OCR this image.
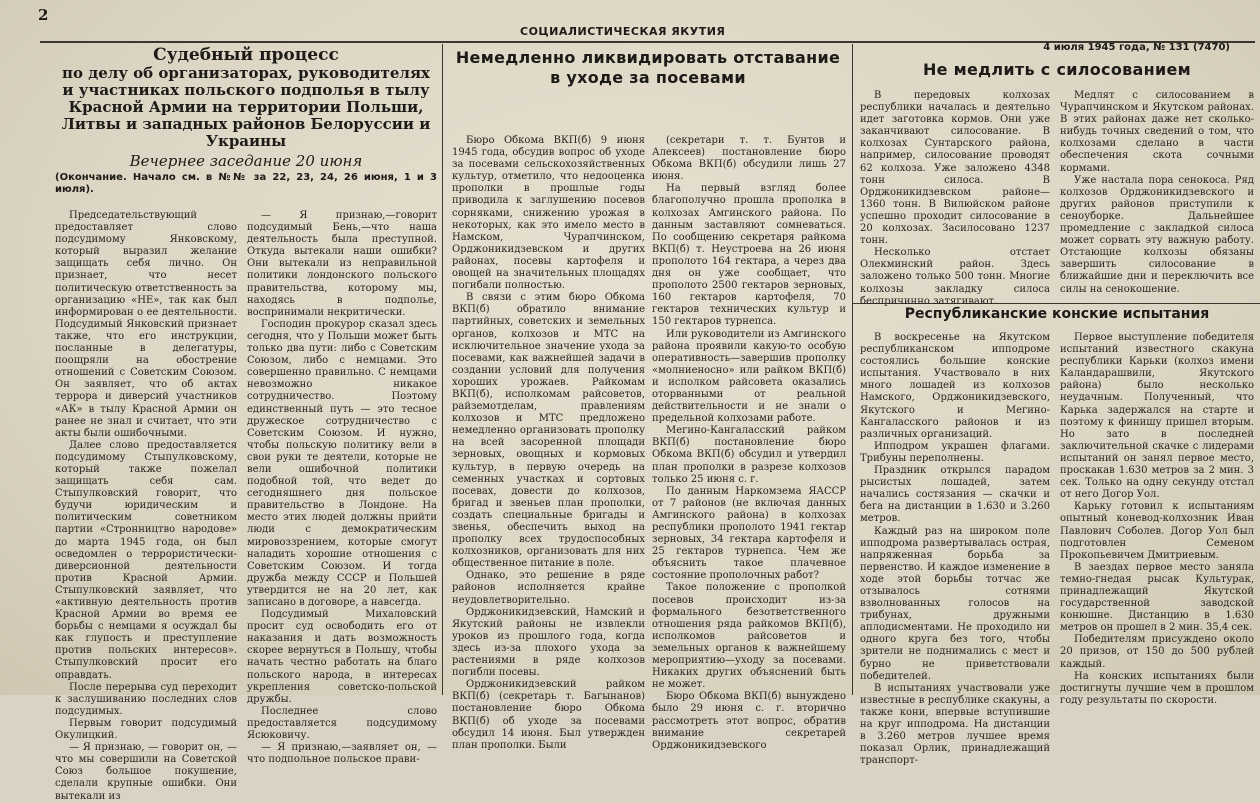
2
СОЦИАЛИСТИЧЕСКАЯ ЯКУТИЯ
4 июля 1945 года, № 131 (7470)
Судебный процесс
по делу об организаторах, руководителях и участниках польского подполья в тылу Красной Армии на территории Польши, Литвы и западных районов Белоруссии и Украины
Вечернее заседание 20 июня
(Окончание. Начало см. в №№ за 22, 23, 24, 26 июня, 1 и 3 июля).

Председательствующий предоставляет слово подсудимому Янковскому, который выразил желание защищать себя лично. Он признает, что несет политическую ответственность за организацию «НЕ», так как был информирован о ее деятельности. Подсудимый Янковский признает также, что его инструкции, посланные в делегатуры, поощряли на обострение отношений с Советским Союзом. Он заявляет, что об актах террора и диверсий участников «АК» в тылу Красной Армии он ранее не знал и считает, что эти акты были ошибочными.

Далее слово предоставляется подсудимому Стыпулковскому, который также пожелал защищать себя сам. Стыпулковский говорит, что будучи юридическим и политическим советником партии «Стронництво народове» до марта 1945 года, он был осведомлен о террористически-диверсионной деятельности против Красной Армии. Стыпулковский заявляет, что «активную деятельность против Красной Армии во время ее борьбы с немцами я осуждал бы как глупость и преступление против польских интересов». Стыпулковский просит его оправдать.

После перерыва суд переходит к заслушиванию последних слов подсудимых.

Первым говорит подсудимый Окулицкий.

— Я признаю, — говорит он, — что мы совершили на Советской Союз большое покушение, сделали крупные ошибки. Они вытекали из

— Я признаю,—говорит подсудимый Бень,—что наша деятельность была преступной. Откуда вытекали наши ошибки? Они вытекали из неправильной политики лондонского польского правительства, которому мы, находясь в подполье, воспринимали некритически.

Господин прокурор сказал здесь сегодня, что у Польши может быть только два пути: либо с Советским Союзом, либо с немцами. Это совершенно правильно. С немцами невозможно никакое сотрудничество. Поэтому единственный путь — это тесное дружеское сотрудничество с Советским Союзом. И нужно, чтобы польскую политику вели в свои руки те деятели, которые не вели ошибочной политики подобной той, что ведет до сегодняшнего дня польское правительство в Лондоне. На место этих людей должны прийти люди с демократическим мировоззрением, которые смогут наладить хорошие отношения с Советским Союзом. И тогда дружба между СССР и Польшей утвердится не на 20 лет, как записано в договоре, а навсегда.

Подсудимый Михаловский просит суд освободить его от наказания и дать возможность скорее вернуться в Польшу, чтобы начать честно работать на благо польского народа, в интересах укрепления советско-польской дружбы.

Последнее слово предоставляется подсудимому Ясюковичу.

— Я признаю,—заявляет он, — что подпольное польское прави-

Немедленно ликвидировать отставание в уходе за посевами

Бюро Обкома ВКП(б) 9 июня 1945 года, обсудив вопрос об уходе за посевами сельскохозяйственных культур, отметило, что недооценка прополки в прошлые годы приводила к заглушению посевов сорняками, снижению урожая в некоторых, как это имело место в Намском, Чурапчинском, Орджоникидзевском и других районах, посевы картофеля и овощей на значительных площадях погибали полностью.

В связи с этим бюро Обкома ВКП(б) обратило внимание партийных, советских и земельных органов, колхозов и МТС на исключительное значение ухода за посевами, как важнейшей задачи в создании условий для получения хороших урожаев. Райкомам ВКП(б), исполкомам райсоветов, райземотделам, правлениям колхозов и МТС предложено немедленно организовать прополку на всей засоренной площади зерновых, овощных и кормовых культур, в первую очередь на семенных участках и сортовых посевах, довести до колхозов, бригад и звеньев план прополки, создать специальные бригады и звенья, обеспечить выход на прополку всех трудоспособных колхозников, организовать для них общественное питание в поле.

Однако, это решение в ряде районов исполняется крайне неудовлетворительно.

Орджоникидзевский, Намский и Якутский районы не извлекли уроков из прошлого года, когда здесь из-за плохого ухода за растениями в ряде колхозов погибли посевы.

Орджоникидзевский райком ВКП(б) (секретарь т. Багынанов) постановление бюро Обкома ВКП(б) об уходе за посевами обсудил 14 июня. Был утвержден план прополки. Были

(секретари т. т. Бунтов и Алексеев) постановление бюро Обкома ВКП(б) обсудили лишь 27 июня.

На первый взгляд более благополучно прошла прополка в колхозах Амгинского района. По данным заставляют сомневаться. По сообщению секретаря райкома ВКП(б) т. Неустроева на 26 июня прополото 164 гектара, а через два дня он уже сообщает, что прополото 2500 гектаров зерновых, 160 гектаров картофеля, 70 гектаров технических культур и 150 гектаров турнепса.

Или руководители из Амгинского района проявили какую-то особую оперативность—завершив прополку «молниеносно» или райком ВКП(б) и исполком райсовета оказались оторванными от реальной действительности и не знали о предельной колхозами работе.

Мегино-Кангаласский райком ВКП(б) постановление бюро Обкома ВКП(б) обсудил и утвердил план прополки в разрезе колхозов только 25 июня с. г.

По данным Наркомзема ЯАССР от 7 районов (не включая данных Амгинского района) в колхозах республики прополото 1941 гектар зерновых, 34 гектара картофеля и 25 гектаров турнепса. Чем же объяснить такое плачевное состояние прополочных работ?

Такое положение с прополкой посевов происходит из-за формального безответственного отношения ряда райкомов ВКП(б), исполкомов райсоветов и земельных органов к важнейшему мероприятию—уходу за посевами. Никаких других объяснений быть не может.

Бюро Обкома ВКП(б) вынуждено было 29 июня с. г. вторично рассмотреть этот вопрос, обратив внимание секретарей Орджоникидзевского

Не медлить с силосованием

В передовых колхозах республики началась и деятельно идет заготовка кормов. Они уже заканчивают силосование. В колхозах Сунтарского района, например, силосование проводят 62 колхоза. Уже заложено 4348 тонн силоса. В Орджоникидзевском районе— 1360 тонн. В Вилюйском районе успешно проходит силосование в 20 колхозах. Засилосовано 1237 тонн.

Несколько отстает Олекминский район. Здесь заложено только 500 тонн. Многие колхозы закладку силоса беспричинно затягивают.

Медлят с силосованием в Чурапчинском и Якутском районах. В этих районах даже нет сколько-нибудь точных сведений о том, что колхозами сделано в части обеспечения скота сочными кормами.

Уже настала пора сенокоса. Ряд колхозов Орджоникидзевского и других районов приступили к сеноуборке. Дальнейшее промедление с закладкой силоса может сорвать эту важную работу. Отстающие колхозы обязаны завершить силосование в ближайшие дни и переключить все силы на сенокошение.

Республиканские конские испытания

В воскресенье на Якутском республиканском ипподроме состоялись большие конские испытания. Участвовало в них много лошадей из колхозов Намского, Орджоникидзевского, Якутского и Мегино-Кангаласского районов и из различных организаций.

Ипподром украшен флагами. Трибуны переполнены.

Праздник открылся парадом рысистых лошадей, затем начались состязания — скачки и бега на дистанции в 1.630 и 3.260 метров.

Каждый раз на широком поле ипподрома развертывалась острая, напряженная борьба за первенство. И каждое изменение в ходе этой борьбы тотчас же отзывалось сотнями взволнованных голосов на трибунах, дружными аплодисментами. Не проходило ни одного круга без того, чтобы зрители не поднимались с мест и бурно не приветствовали победителей.

В испытаниях участвовали уже известные в республике скакуны, а также кони, впервые вступившие на круг ипподрома. На дистанции в 3.260 метров лучшее время показал Орлик, принадлежащий транспорт-

Первое выступление победителя испытаний известного скакуна республики Карьки (колхоз имени Каландарашвили, Якутского района) было несколько неудачным. Полученный, что Карька задержался на старте и поэтому к финишу пришел вторым. Но зато в последней заключительной скачке с лидерами испытаний он занял первое место, проскакав 1.630 метров за 2 мин. 3 сек. Только на одну секунду отстал от него Догор Уол.

Карьку готовил к испытаниям опытный коневод-колхозник Иван Павлович Соболев. Догор Уол был подготовлен Семеном Прокопьевичем Дмитриевым.

В заездах первое место заняла темно-гнедая рысак Культурак, принадлежащий Якутской государственной заводской конюшне. Дистанцию в 1.630 метров он прошел в 2 мин. 35,4 сек.

Победителям присуждено около 20 призов, от 150 до 500 рублей каждый.

На конских испытаниях были достигнуты лучшие чем в прошлом году результаты по скорости.
